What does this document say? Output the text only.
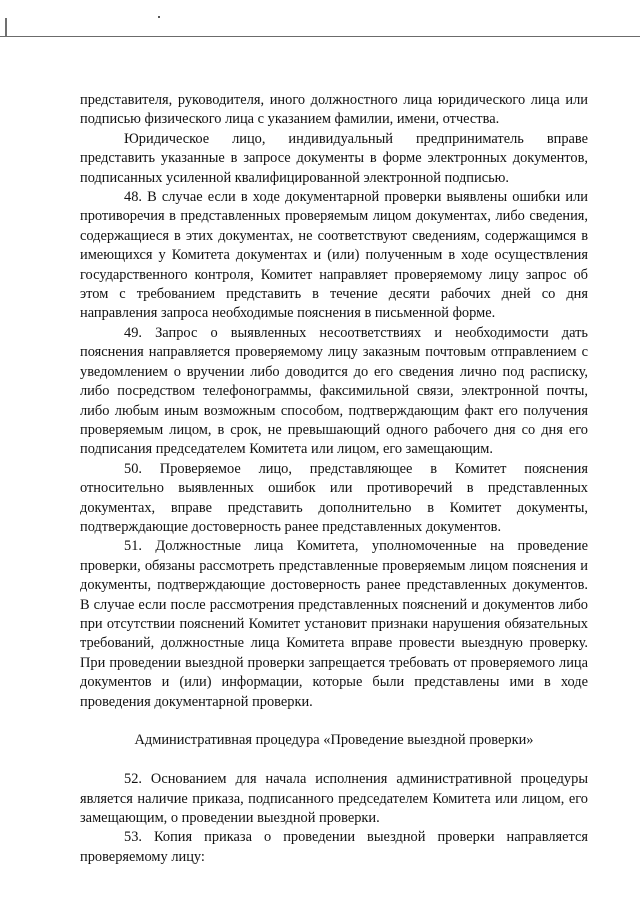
представителя, руководителя, иного должностного лица юридического лица или подписью физического лица с указанием фамилии, имени, отчества.

Юридическое лицо, индивидуальный предприниматель вправе представить указанные в запросе документы в форме электронных документов, подписанных усиленной квалифицированной электронной подписью.

48. В случае если в ходе документарной проверки выявлены ошибки или противоречия в представленных проверяемым лицом документах, либо сведения, содержащиеся в этих документах, не соответствуют сведениям, содержащимся в имеющихся у Комитета документах и (или) полученным в ходе осуществления государственного контроля, Комитет направляет проверяемому лицу запрос об этом с требованием представить в течение десяти рабочих дней со дня направления запроса необходимые пояснения в письменной форме.

49. Запрос о выявленных несоответствиях и необходимости дать пояснения направляется проверяемому лицу заказным почтовым отправлением с уведомлением о вручении либо доводится до его сведения лично под расписку, либо посредством телефонограммы, факсимильной связи, электронной почты, либо любым иным возможным способом, подтверждающим факт его получения проверяемым лицом, в срок, не превышающий одного рабочего дня со дня его подписания председателем Комитета или лицом, его замещающим.

50. Проверяемое лицо, представляющее в Комитет пояснения относительно выявленных ошибок или противоречий в представленных документах, вправе представить дополнительно в Комитет документы, подтверждающие достоверность ранее представленных документов.

51. Должностные лица Комитета, уполномоченные на проведение проверки, обязаны рассмотреть представленные проверяемым лицом пояснения и документы, подтверждающие достоверность ранее представленных документов. В случае если после рассмотрения представленных пояснений и документов либо при отсутствии пояснений Комитет установит признаки нарушения обязательных требований, должностные лица Комитета вправе провести выездную проверку. При проведении выездной проверки запрещается требовать от проверяемого лица документов и (или) информации, которые были представлены ими в ходе проведения документарной проверки.

Административная процедура «Проведение выездной проверки»

52. Основанием для начала исполнения административной процедуры является наличие приказа, подписанного председателем Комитета или лицом, его замещающим, о проведении выездной проверки.

53. Копия приказа о проведении выездной проверки направляется проверяемому лицу:
